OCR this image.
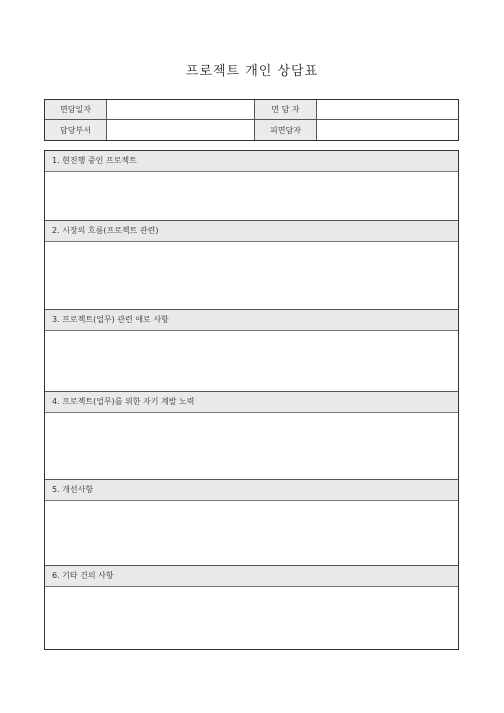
프로젝트 개인 상담표
면담일자	면 담 자
담당부서	피면담자
1. 현진행 중인 프로젝트
2. 시장의 흐름(프로젝트 관련)
3. 프로젝트(업무) 관련 애로 사항
4. 프로젝트(업무)를 위한 자기 계발 노력
5. 개선사항
6. 기타 건의 사항
